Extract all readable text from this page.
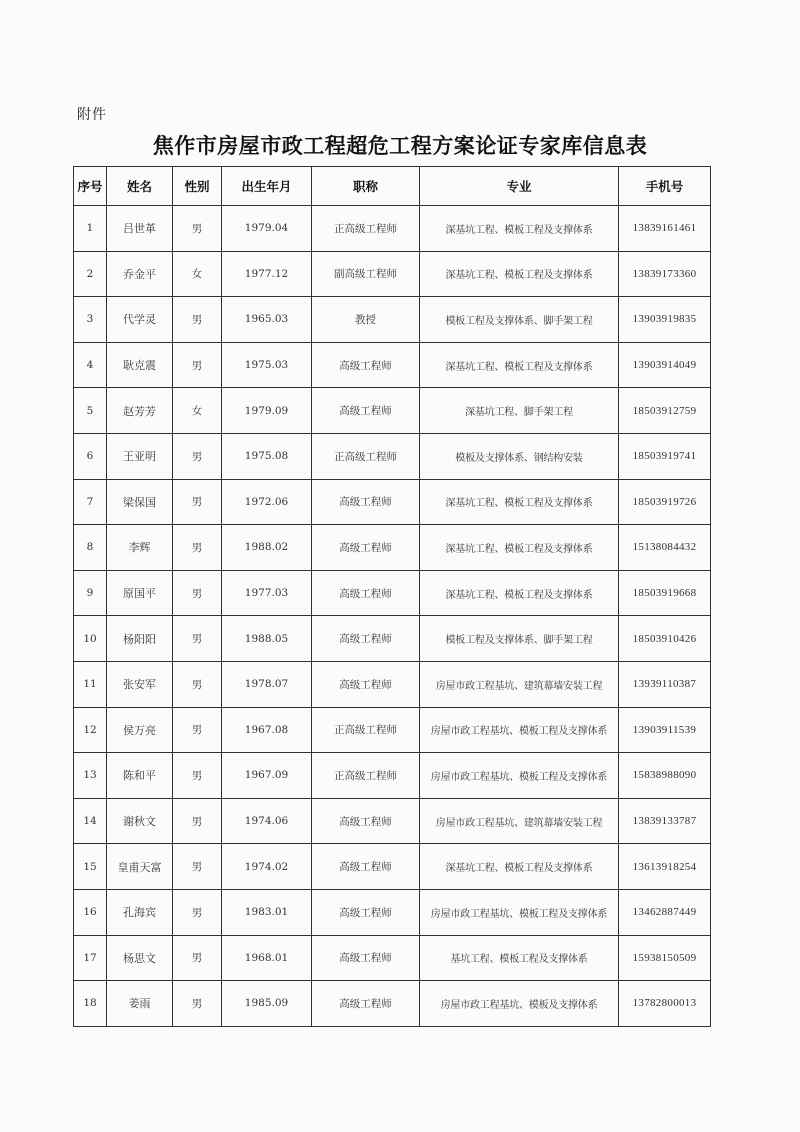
附件
焦作市房屋市政工程超危工程方案论证专家库信息表
序号	姓名	性别	出生年月	职称	专业	手机号
1	吕世革	男	1979.04	正高级工程师	深基坑工程、模板工程及支撑体系	13839161461
2	乔金平	女	1977.12	副高级工程师	深基坑工程、模板工程及支撑体系	13839173360
3	代学灵	男	1965.03	教授	模板工程及支撑体系、脚手架工程	13903919835
4	耿克震	男	1975.03	高级工程师	深基坑工程、模板工程及支撑体系	13903914049
5	赵芳芳	女	1979.09	高级工程师	深基坑工程、脚手架工程	18503912759
6	王亚明	男	1975.08	正高级工程师	模板及支撑体系、钢结构安装	18503919741
7	梁保国	男	1972.06	高级工程师	深基坑工程、模板工程及支撑体系	18503919726
8	李辉	男	1988.02	高级工程师	深基坑工程、模板工程及支撑体系	15138084432
9	原国平	男	1977.03	高级工程师	深基坑工程、模板工程及支撑体系	18503919668
10	杨阳阳	男	1988.05	高级工程师	模板工程及支撑体系、脚手架工程	18503910426
11	张安军	男	1978.07	高级工程师	房屋市政工程基坑、建筑幕墙安装工程	13939110387
12	侯万亮	男	1967.08	正高级工程师	房屋市政工程基坑、模板工程及支撑体系	13903911539
13	陈和平	男	1967.09	正高级工程师	房屋市政工程基坑、模板工程及支撑体系	15838988090
14	谢秋文	男	1974.06	高级工程师	房屋市政工程基坑、建筑幕墙安装工程	13839133787
15	皇甫天富	男	1974.02	高级工程师	深基坑工程、模板工程及支撑体系	13613918254
16	孔海宾	男	1983.01	高级工程师	房屋市政工程基坑、模板工程及支撑体系	13462887449
17	杨思文	男	1968.01	高级工程师	基坑工程、模板工程及支撑体系	15938150509
18	姜雨	男	1985.09	高级工程师	房屋市政工程基坑、模板及支撑体系	13782800013
